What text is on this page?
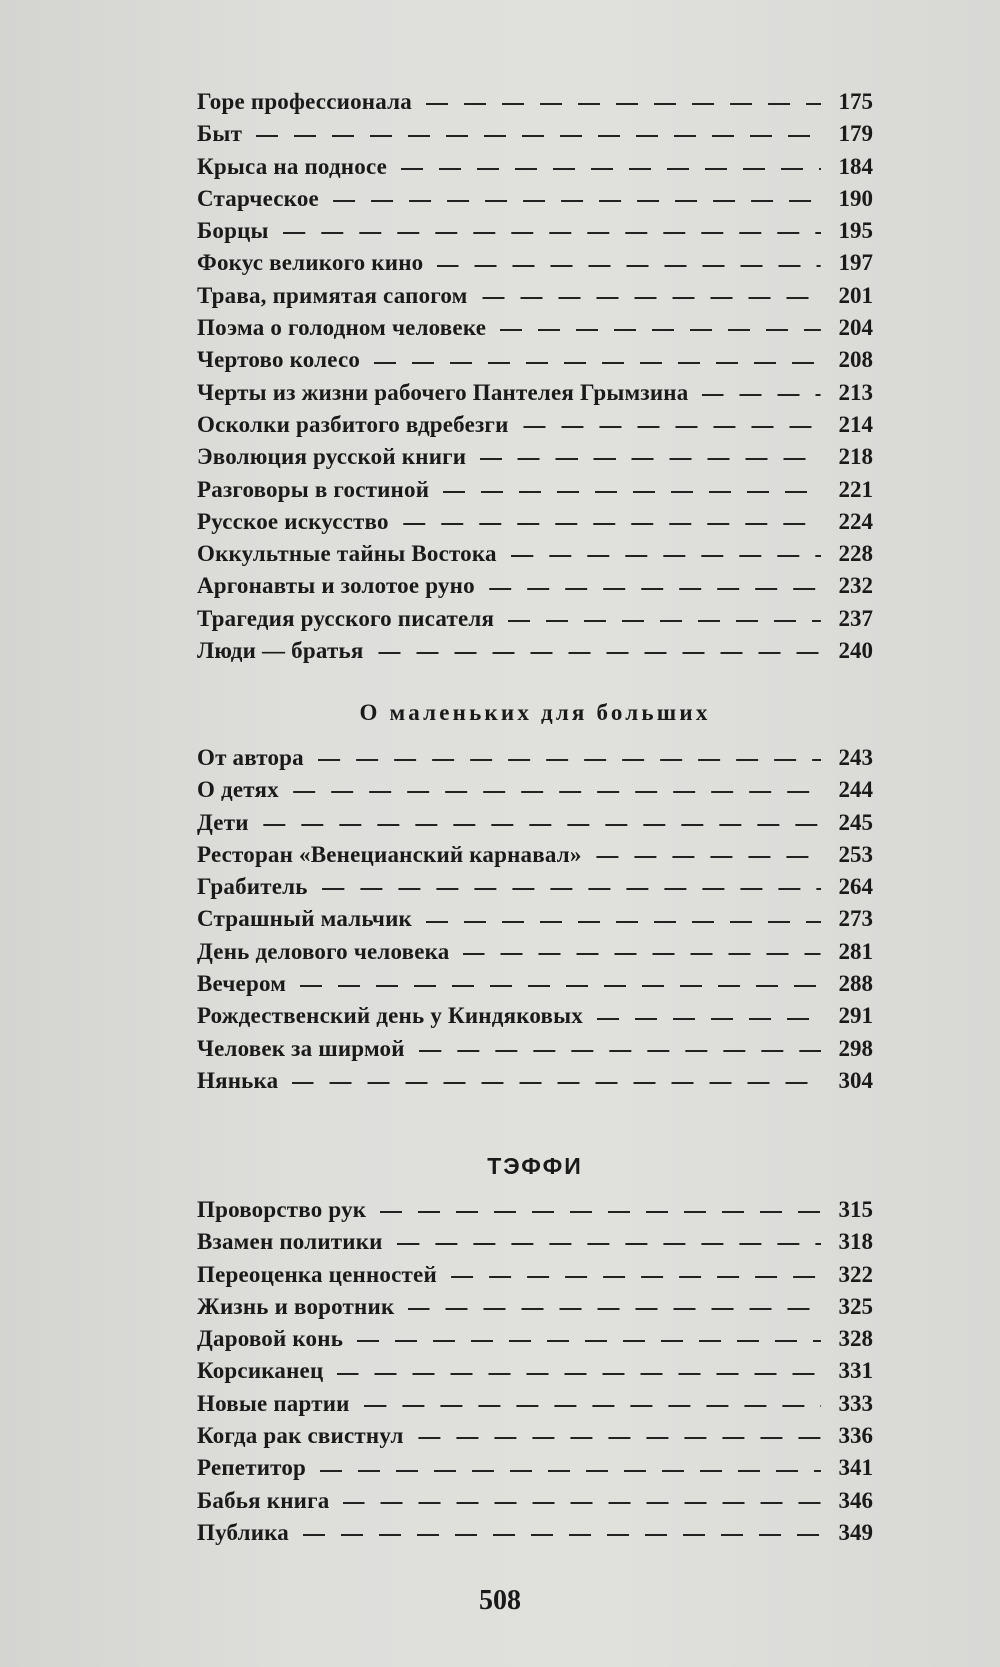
Горе профессионала	175
Быт	179
Крыса на подносе	184
Старческое	190
Борцы	195
Фокус великого кино	197
Трава, примятая сапогом	201
Поэма о голодном человеке	204
Чертово колесо	208
Черты из жизни рабочего Пантелея Грымзина	213
Осколки разбитого вдребезги	214
Эволюция русской книги	218
Разговоры в гостиной	221
Русское искусство	224
Оккультные тайны Востока	228
Аргонавты и золотое руно	232
Трагедия русского писателя	237
Люди — братья	240
О маленьких для больших
От автора	243
О детях	244
Дети	245
Ресторан «Венецианский карнавал»	253
Грабитель	264
Страшный мальчик	273
День делового человека	281
Вечером	288
Рождественский день у Киндяковых	291
Человек за ширмой	298
Нянька	304
ТЭФФИ
Проворство рук	315
Взамен политики	318
Переоценка ценностей	322
Жизнь и воротник	325
Даровой конь	328
Корсиканец	331
Новые партии	333
Когда рак свистнул	336
Репетитор	341
Бабья книга	346
Публика	349
508
